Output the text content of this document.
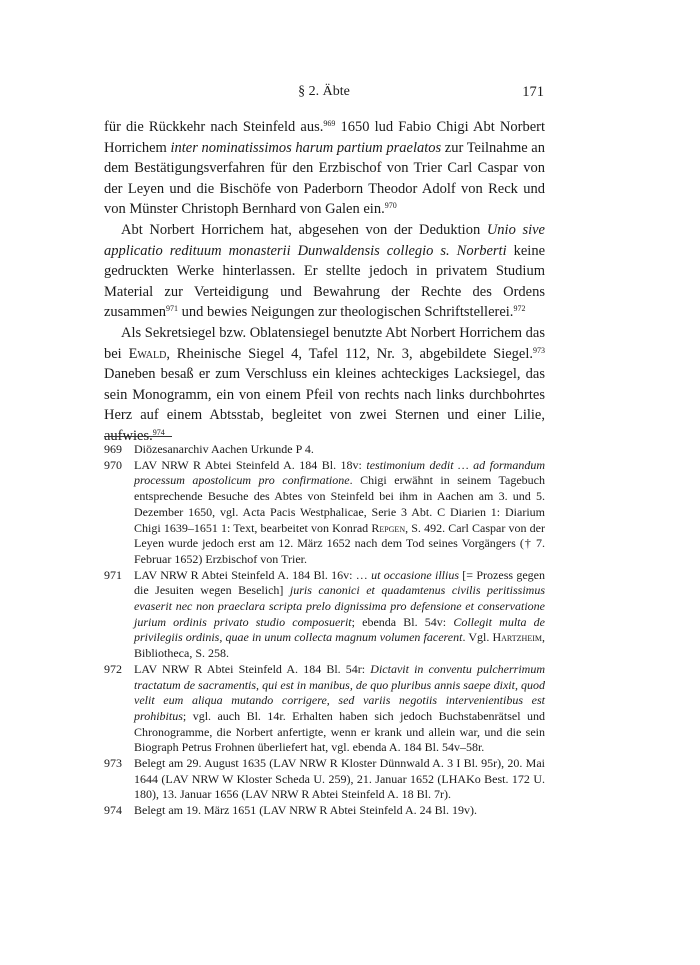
§ 2. Äbte	171

für die Rückkehr nach Steinfeld aus.$^{969}$ 1650 lud Fabio Chigi Abt Norbert Horrichem inter nominatissimos harum partium praelatos zur Teilnahme an dem Bestätigungsverfahren für den Erzbischof von Trier Carl Caspar von der Leyen und die Bischöfe von Paderborn Theodor Adolf von Reck und von Münster Christoph Bernhard von Galen ein.$^{970}$

Abt Norbert Horrichem hat, abgesehen von der Deduktion Unio sive applicatio redituum monasterii Dunwaldensis collegio s. Norberti keine gedruckten Werke hinterlassen. Er stellte jedoch in privatem Studium Material zur Verteidigung und Bewahrung der Rechte des Ordens zusammen$^{971}$ und bewies Neigungen zur theologischen Schriftstellerei.$^{972}$

Als Sekretsiegel bzw. Oblatensiegel benutzte Abt Norbert Horrichem das bei Ewald, Rheinische Siegel 4, Tafel 112, Nr. 3, abgebildete Siegel.$^{973}$ Daneben besaß er zum Verschluss ein kleines achteckiges Lacksiegel, das sein Monogramm, ein von einem Pfeil von rechts nach links durchbohrtes Herz auf einem Abtsstab, begleitet von zwei Sternen und einer Lilie, aufwies.$^{974}$

969 Diözesanarchiv Aachen Urkunde P 4.

970 LAV NRW R Abtei Steinfeld A. 184 Bl. 18v: testimonium dedit … ad formandum processum apostolicum pro confirmatione. Chigi erwähnt in seinem Tagebuch entsprechende Besuche des Abtes von Steinfeld bei ihm in Aachen am 3. und 5. Dezember 1650, vgl. Acta Pacis Westphalicae, Serie 3 Abt. C Diarien 1: Diarium Chigi 1639–1651 1: Text, bearbeitet von Konrad Repgen, S. 492. Carl Caspar von der Leyen wurde jedoch erst am 12. März 1652 nach dem Tod seines Vorgängers († 7. Februar 1652) Erzbischof von Trier.

971 LAV NRW R Abtei Steinfeld A. 184 Bl. 16v: … ut occasione illius [= Prozess gegen die Jesuiten wegen Beselich] juris canonici et quadamtenus civilis peritissimus evaserit nec non praeclara scripta prelo dignissima pro defensione et conservatione jurium ordinis privato studio composuerit; ebenda Bl. 54v: Collegit multa de privilegiis ordinis, quae in unum collecta magnum volumen facerent. Vgl. Hartzheim, Bibliotheca, S. 258.

972 LAV NRW R Abtei Steinfeld A. 184 Bl. 54r: Dictavit in conventu pulcherrimum tractatum de sacramentis, qui est in manibus, de quo pluribus annis saepe dixit, quod velit eum aliqua mutando corrigere, sed variis negotiis intervenientibus est prohibitus; vgl. auch Bl. 14r. Erhalten haben sich jedoch Buchstabenrätsel und Chronogramme, die Norbert anfertigte, wenn er krank und allein war, und die sein Biograph Petrus Frohnen überliefert hat, vgl. ebenda A. 184 Bl. 54v–58r.

973 Belegt am 29. August 1635 (LAV NRW R Kloster Dünnwald A. 3 I Bl. 95r), 20. Mai 1644 (LAV NRW W Kloster Scheda U. 259), 21. Januar 1652 (LHAKo Best. 172 U. 180), 13. Januar 1656 (LAV NRW R Abtei Steinfeld A. 18 Bl. 7r).

974 Belegt am 19. März 1651 (LAV NRW R Abtei Steinfeld A. 24 Bl. 19v).
